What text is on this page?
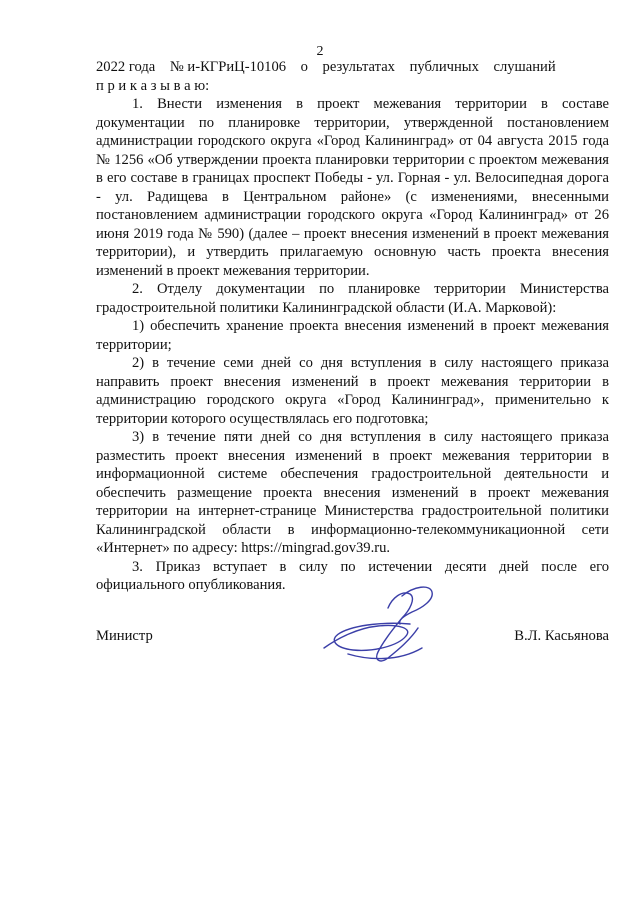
2

2022 года    № и-КГРиЦ-10106    о    результатах    публичных    слушаний

п р и к а з ы в а ю:

1. Внести изменения в проект межевания территории в составе документации по планировке территории, утвержденной постановлением администрации городского округа «Город Калининград» от 04 августа 2015 года № 1256 «Об утверждении проекта планировки территории с проектом межевания в его составе в границах проспект Победы - ул. Горная - ул. Велосипедная дорога - ул. Радищева в Центральном районе» (с изменениями, внесенными постановлением администрации городского округа «Город Калининград» от 26 июня 2019 года № 590) (далее – проект внесения изменений в проект межевания территории), и утвердить прилагаемую основную часть проекта внесения изменений в проект межевания территории.

2. Отделу документации по планировке территории Министерства градостроительной политики Калининградской области (И.А. Марковой):

1) обеспечить хранение проекта внесения изменений в проект межевания территории;

2) в течение семи дней со дня вступления в силу настоящего приказа направить проект внесения изменений в проект межевания территории в администрацию городского округа «Город Калининград», применительно к территории которого осуществлялась его подготовка;

3) в течение пяти дней со дня вступления в силу настоящего приказа разместить проект внесения изменений в проект межевания территории в информационной системе обеспечения градостроительной деятельности и обеспечить размещение проекта внесения изменений в проект межевания территории на интернет-странице Министерства градостроительной политики Калининградской области в информационно-телекоммуникационной сети «Интернет» по адресу: https://mingrad.gov39.ru.

3. Приказ вступает в силу по истечении десяти дней после его официального опубликования.

Министр	В.Л. Касьянова
